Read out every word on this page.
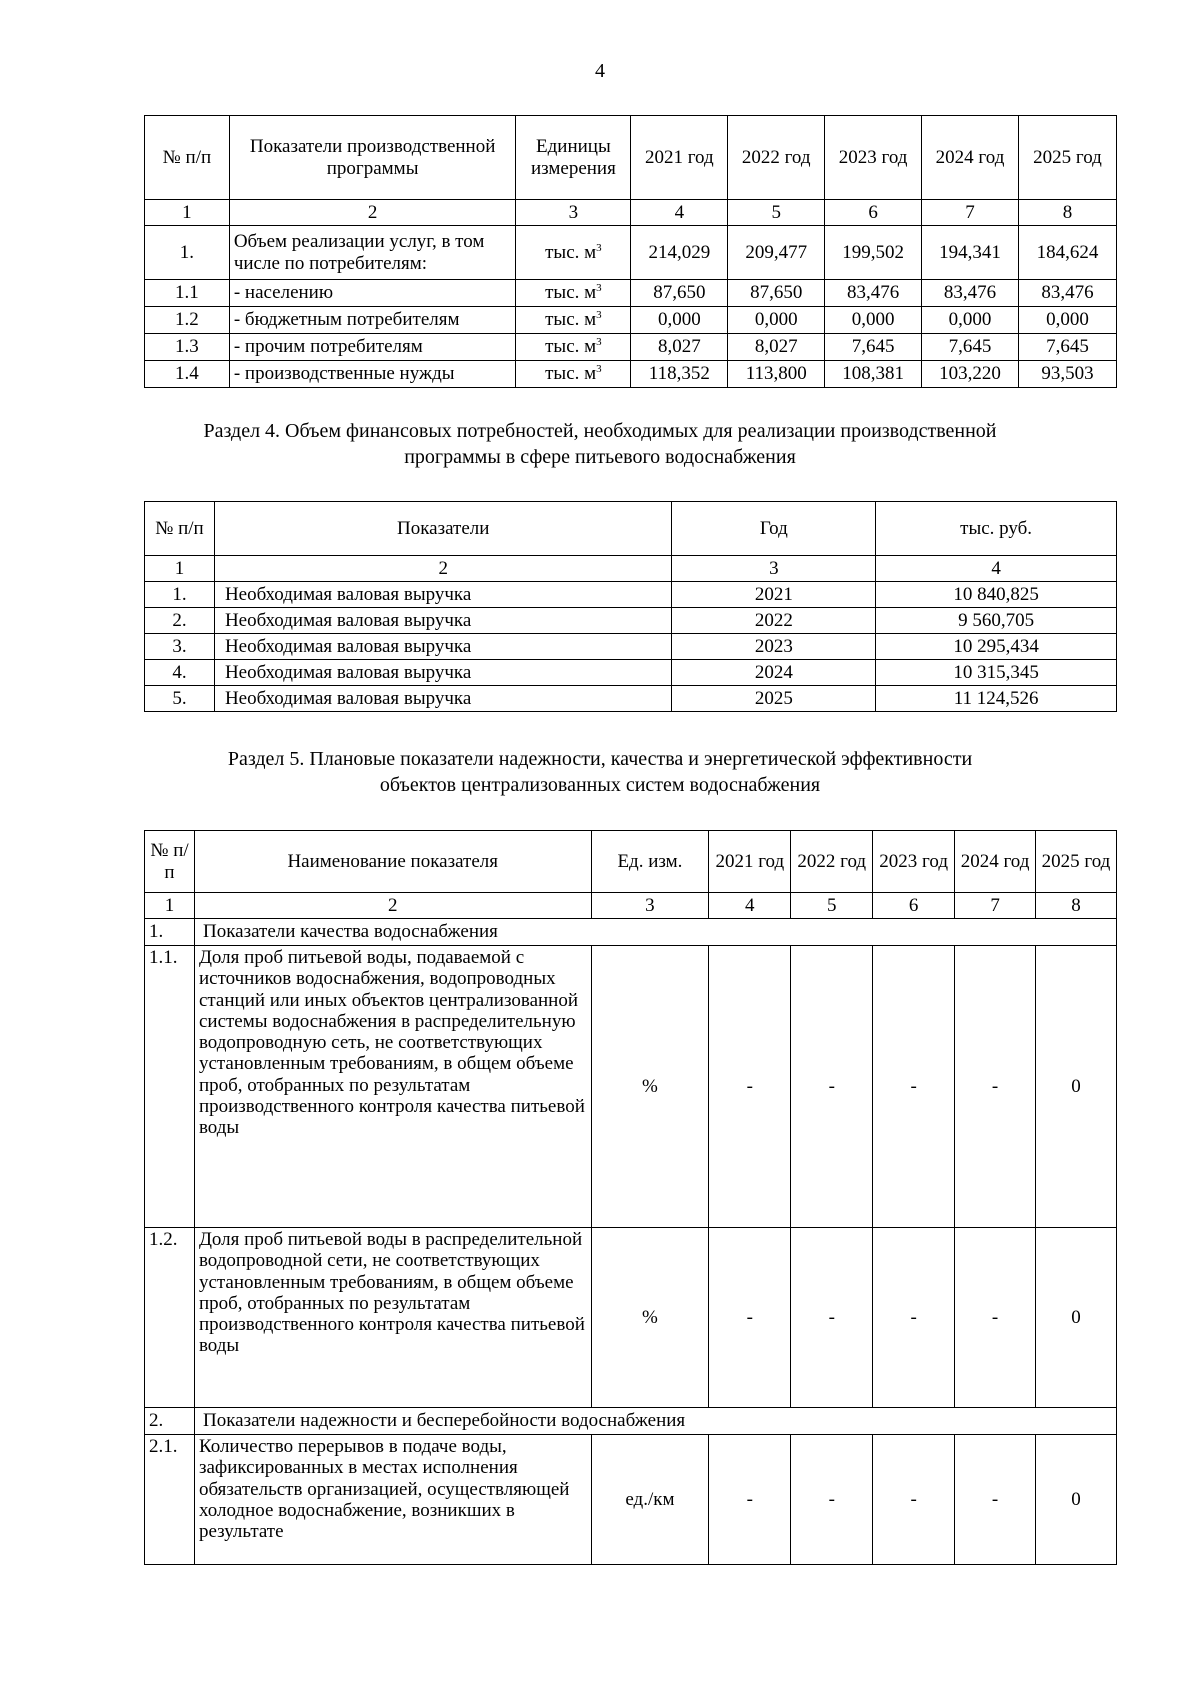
4
№ п/п	Показатели производственной программы	Единицы измерения	2021 год	2022 год	2023 год	2024 год	2025 год
1	2	3	4	5	6	7	8
1.	Объем реализации услуг, в том числе по потребителям:	тыс. $м^3$	214,029	209,477	199,502	194,341	184,624
1.1	- населению	тыс. $м^3$	87,650	87,650	83,476	83,476	83,476
1.2	- бюджетным потребителям	тыс. $м^3$	0,000	0,000	0,000	0,000	0,000
1.3	- прочим потребителям	тыс. $м^3$	8,027	8,027	7,645	7,645	7,645
1.4	- производственные нужды	тыс. $м^3$	118,352	113,800	108,381	103,220	93,503
Раздел 4. Объем финансовых потребностей, необходимых для реализации производственной
программы в сфере питьевого водоснабжения
№ п/п	Показатели	Год	тыс. руб.
1	2	3	4
1.	Необходимая валовая выручка	2021	10 840,825
2.	Необходимая валовая выручка	2022	9 560,705
3.	Необходимая валовая выручка	2023	10 295,434
4.	Необходимая валовая выручка	2024	10 315,345
5.	Необходимая валовая выручка	2025	11 124,526
Раздел 5. Плановые показатели надежности, качества и энергетической эффективности
объектов централизованных систем водоснабжения
№ п/п	Наименование показателя	Ед. изм.	2021 год	2022 год	2023 год	2024 год	2025 год
1	2	3	4	5	6	7	8
1.	Показатели качества водоснабжения						
1.1.	Доля проб питьевой воды, подаваемой с источников водоснабжения, водопроводных станций или иных объектов централизованной системы водоснабжения в распределительную водопроводную сеть, не соответствующих установленным требованиям, в общем объеме проб, отобранных по результатам производственного контроля качества питьевой воды	%	-	-	-	-	0
1.2.	Доля проб питьевой воды в распределительной водопроводной сети, не соответствующих установленным требованиям, в общем объеме проб, отобранных по результатам производственного контроля качества питьевой воды	%	-	-	-	-	0
2.	Показатели надежности и бесперебойности водоснабжения						
2.1.	Количество перерывов в подаче воды, зафиксированных в местах исполнения обязательств организацией, осуществляющей холодное водоснабжение, возникших в результате	ед./км	-	-	-	-	0
